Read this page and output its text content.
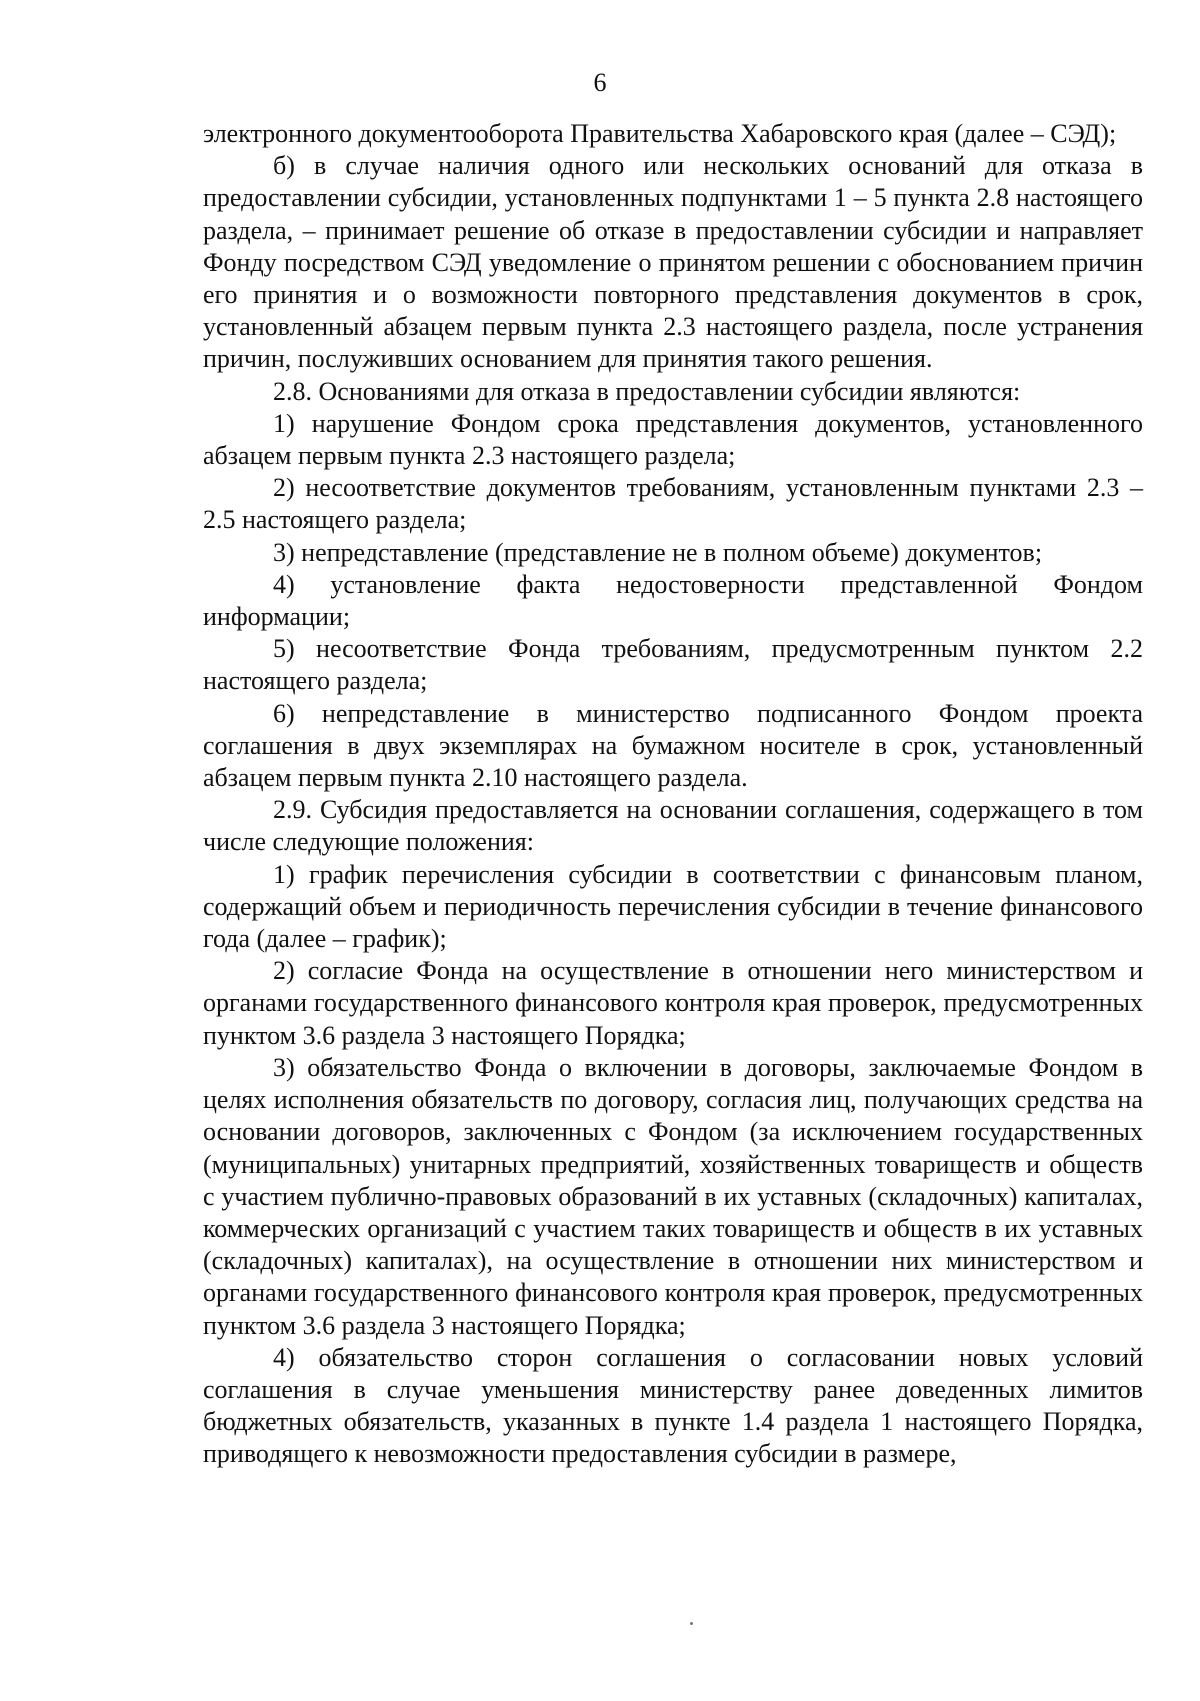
6

электронного документооборота Правительства Хабаровского края (далее – СЭД);

б) в случае наличия одного или нескольких оснований для отказа в предоставлении субсидии, установленных подпунктами 1 – 5 пункта 2.8 настоящего раздела, – принимает решение об отказе в предоставлении субсидии и направляет Фонду посредством СЭД уведомление о принятом решении с обоснованием причин его принятия и о возможности повторного представления документов в срок, установленный абзацем первым пункта 2.3 настоящего раздела, после устранения причин, послуживших основанием для принятия такого решения.

2.8. Основаниями для отказа в предоставлении субсидии являются:

1) нарушение Фондом срока представления документов, установленного абзацем первым пункта 2.3 настоящего раздела;

2) несоответствие документов требованиям, установленным пунктами 2.3 – 2.5 настоящего раздела;

3) непредставление (представление не в полном объеме) документов;

4) установление факта недостоверности представленной Фондом информации;

5) несоответствие Фонда требованиям, предусмотренным пунктом 2.2 настоящего раздела;

6) непредставление в министерство подписанного Фондом проекта соглашения в двух экземплярах на бумажном носителе в срок, установленный абзацем первым пункта 2.10 настоящего раздела.

2.9. Субсидия предоставляется на основании соглашения, содержащего в том числе следующие положения:

1) график перечисления субсидии в соответствии с финансовым планом, содержащий объем и периодичность перечисления субсидии в течение финансового года (далее – график);

2) согласие Фонда на осуществление в отношении него министерством и органами государственного финансового контроля края проверок, предусмотренных пунктом 3.6 раздела 3 настоящего Порядка;

3) обязательство Фонда о включении в договоры, заключаемые Фондом в целях исполнения обязательств по договору, согласия лиц, получающих средства на основании договоров, заключенных с Фондом (за исключением государственных (муниципальных) унитарных предприятий, хозяйственных товариществ и обществ с участием публично-правовых образований в их уставных (складочных) капиталах, коммерческих организаций с участием таких товариществ и обществ в их уставных (складочных) капиталах), на осуществление в отношении них министерством и органами государственного финансового контроля края проверок, предусмотренных пунктом 3.6 раздела 3 настоящего Порядка;

4) обязательство сторон соглашения о согласовании новых условий соглашения в случае уменьшения министерству ранее доведенных лимитов бюджетных обязательств, указанных в пункте 1.4 раздела 1 настоящего Порядка, приводящего к невозможности предоставления субсидии в размере,
